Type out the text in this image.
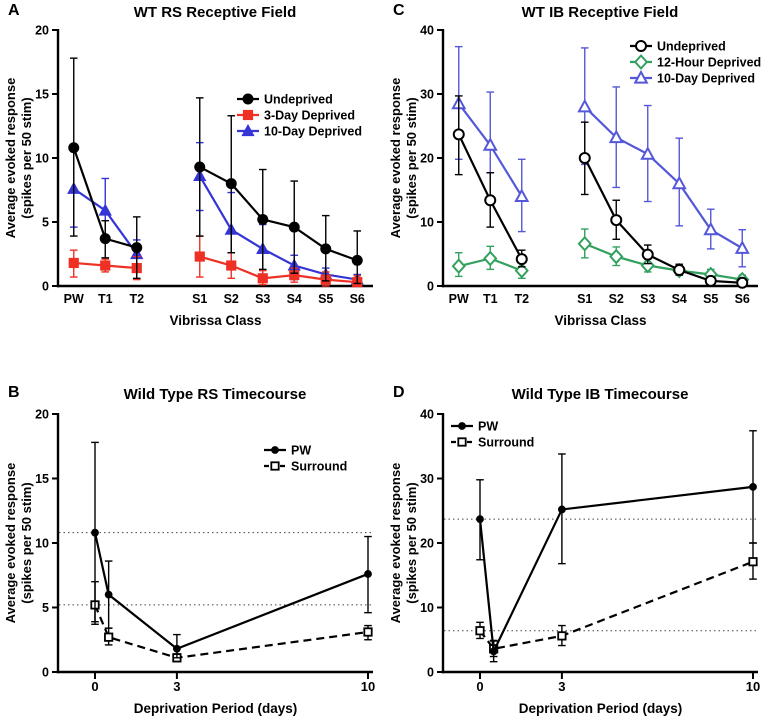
A	WT RS Receptive Field
0
5
10
15
20
PW T1 T2	S1 S2 S3 S4 S5 S6
Vibrissa Class
Average evoked response (spikes per 50 stim)	Undeprived
3-Day Deprived
10-Day Deprived
C	WT IB Receptive Field
0
10
20
30
40
PW T1 T2	S1 S2 S3 S4 S5 S6
Vibrissa Class
Average evoked response (spikes per 50 stim)
Undeprived
12-Hour Deprived
10-Day Deprived
B	Wild Type RS Timecourse
0
5
10
15
20
0	3	10
Deprivation Period (days)
Average evoked response (spikes per 50 stim)
PW
Surround
D	Wild Type IB Timecourse
0
10
20
30
40
0	3	10
Deprivation Period (days)
Average evoked response (spikes per 50 stim)
PW
Surround
